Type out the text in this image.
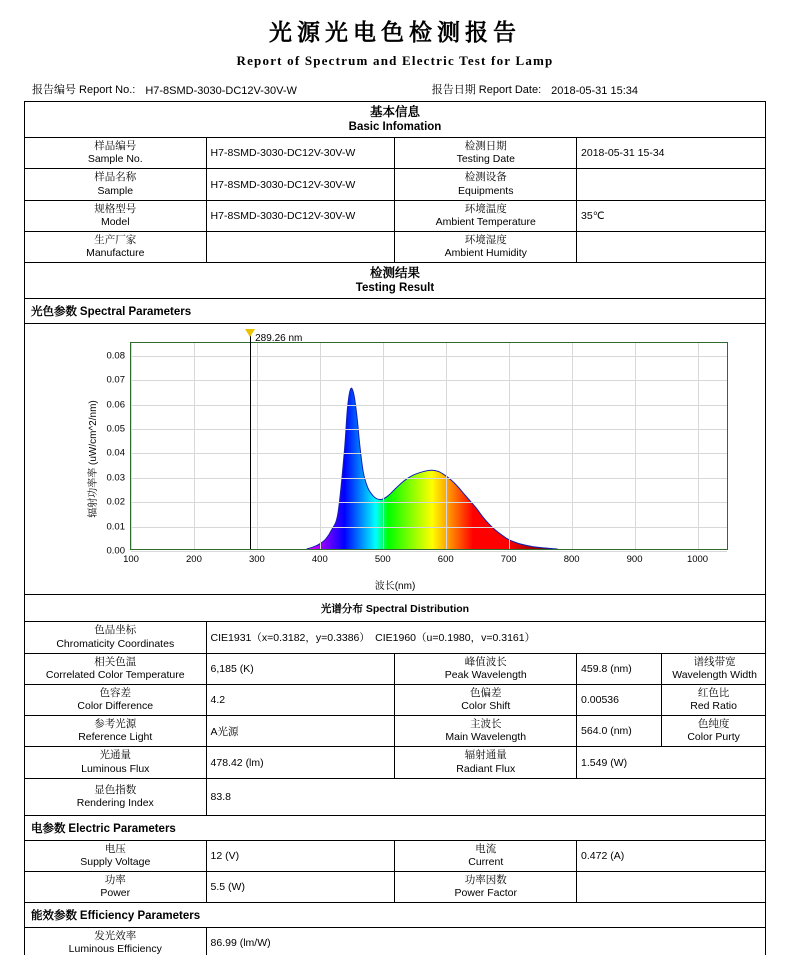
光源光电色检测报告
Report of Spectrum and Electric Test for Lamp
报告编号 Report No.: H7-8SMD-3030-DC12V-30V-W	报告日期 Report Date: 2018-05-31 15:34
基本信息
Basic Infomation				

样品编号
Sample No.	H7-8SMD-3030-DC12V-30V-W	检测日期
Testing Date	2018-05-31 15-34	

样品名称
Sample	H7-8SMD-3030-DC12V-30V-W	检测设备
Equipments		

规格型号
Model	H7-8SMD-3030-DC12V-30V-W	环境温度
Ambient Temperature	35℃	

生产厂家
Manufacture		环境湿度
Ambient Humidity		

检测结果
Testing Result				

光色参数 Spectral Parameters				

辐射功率率 (uW/cm^2/nm)
0.00
0.01
0.02
0.03
0.04
0.05
0.06
0.07
0.08
100	200	300	400	500	600	700	800	900	1000
289.26 nm
波长(nm)

光谱分布 Spectral Distribution				

色品坐标
Chromaticity Coordinates	CIE1931（x=0.3182，y=0.3386）　CIE1960（u=0.1980，v=0.3161）			

相关色温
Correlated Color Temperature	6,185 (K)	峰值波长
Peak Wavelength	459.8 (nm)	谱线带宽
Wavelength Width

色容差
Color Difference	4.2	色偏差
Color Shift	0.00536	红色比
Red Ratio

参考光源
Reference Light	A光源	主波长
Main Wavelength	564.0 (nm)	色纯度
Color Purty

光通量
Luminous Flux	478.42 (lm)	辐射通量
Radiant Flux	1.549 (W)	

显色指数
Rendering Index	83.8			
电参数 Electric Parameters				

电压
Supply Voltage	12 (V)	电流
Current	0.472 (A)	

功率
Power	5.5 (W)	功率因数
Power Factor		

能效参数 Efficiency Parameters				

发光效率
Luminous Efficiency	86.99 (lm/W)			
